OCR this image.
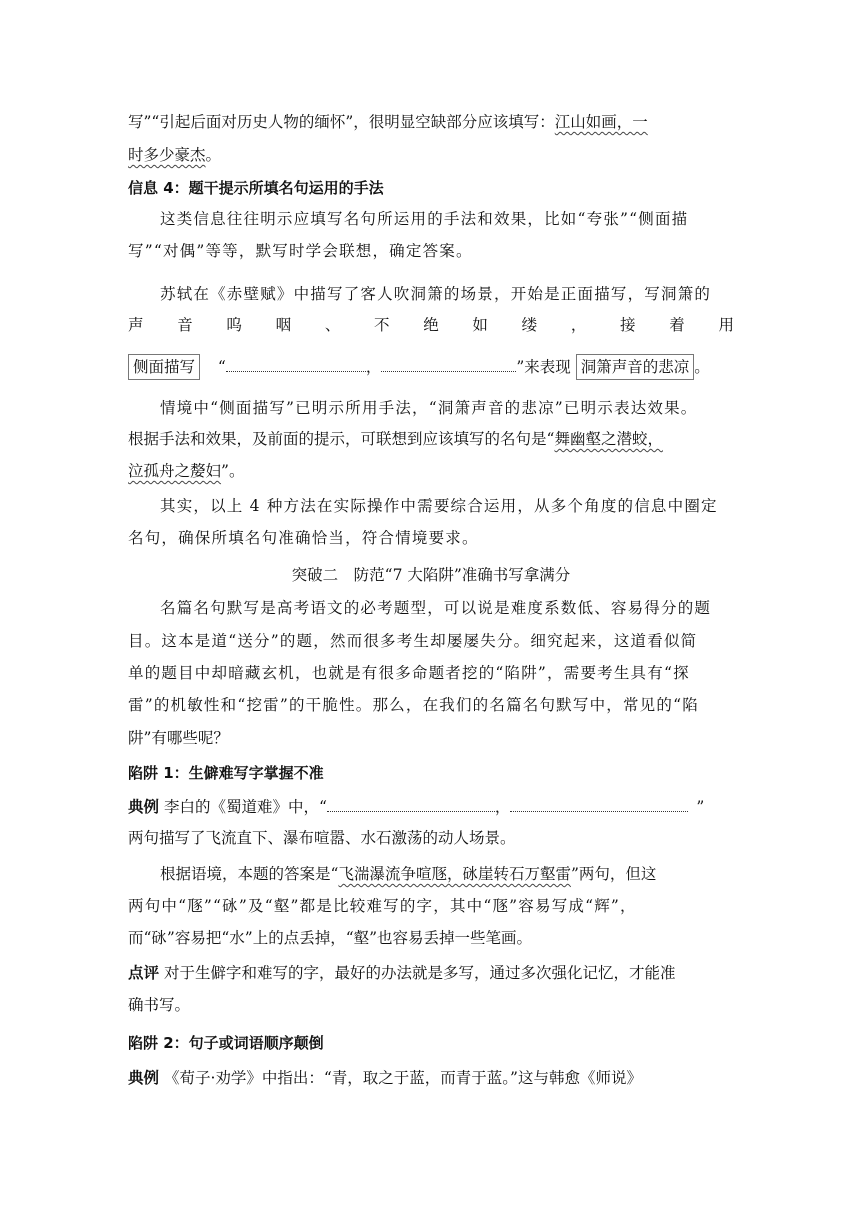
写”“引起后面对历史人物的缅怀”，很明显空缺部分应该填写：江山如画，一
时多少豪杰。
信息 4：题干提示所填名句运用的手法
这类信息往往明示应填写名句所运用的手法和效果，比如“夸张”“侧面描
写”“对偶”等等，默写时学会联想，确定答案。
苏轼在《赤壁赋》中描写了客人吹洞箫的场景，开始是正面描写，写洞箫的
声 音 呜 咽 、 不 绝 如 缕 ， 接 着 用
侧面描写 “	，	”来表现 洞箫声音的悲凉 。
情境中“侧面描写”已明示所用手法，“洞箫声音的悲凉”已明示表达效果。
根据手法和效果，及前面的提示，可联想到应该填写的名句是“舞幽壑之潜蛟，
泣孤舟之嫠妇”。
其实，以上 4 种方法在实际操作中需要综合运用，从多个角度的信息中圈定
名句，确保所填名句准确恰当，符合情境要求。
突破二　防范“7 大陷阱”准确书写拿满分
名篇名句默写是高考语文的必考题型，可以说是难度系数低、容易得分的题
目。这本是道“送分”的题，然而很多考生却屡屡失分。细究起来，这道看似简
单的题目中却暗藏玄机，也就是有很多命题者挖的“陷阱”，需要考生具有“探
雷”的机敏性和“挖雷”的干脆性。那么，在我们的名篇名句默写中，常见的“陷
阱”有哪些呢？
陷阱 1：生僻难写字掌握不准
典例 李白的《蜀道难》中，“	，	”
两句描写了飞流直下、瀑布喧嚣、水石激荡的动人场景。
根据语境，本题的答案是“飞湍瀑流争喧豗，砯崖转石万壑雷”两句，但这
两句中“豗”“砯”及“壑”都是比较难写的字，其中“豗”容易写成“辉”，
而“砯”容易把“水”上的点丢掉，“壑”也容易丢掉一些笔画。
点评 对于生僻字和难写的字，最好的办法就是多写，通过多次强化记忆，才能准
确书写。
陷阱 2：句子或词语顺序颠倒
典例 《荀子·劝学》中指出：“青，取之于蓝，而青于蓝。”这与韩愈《师说》
